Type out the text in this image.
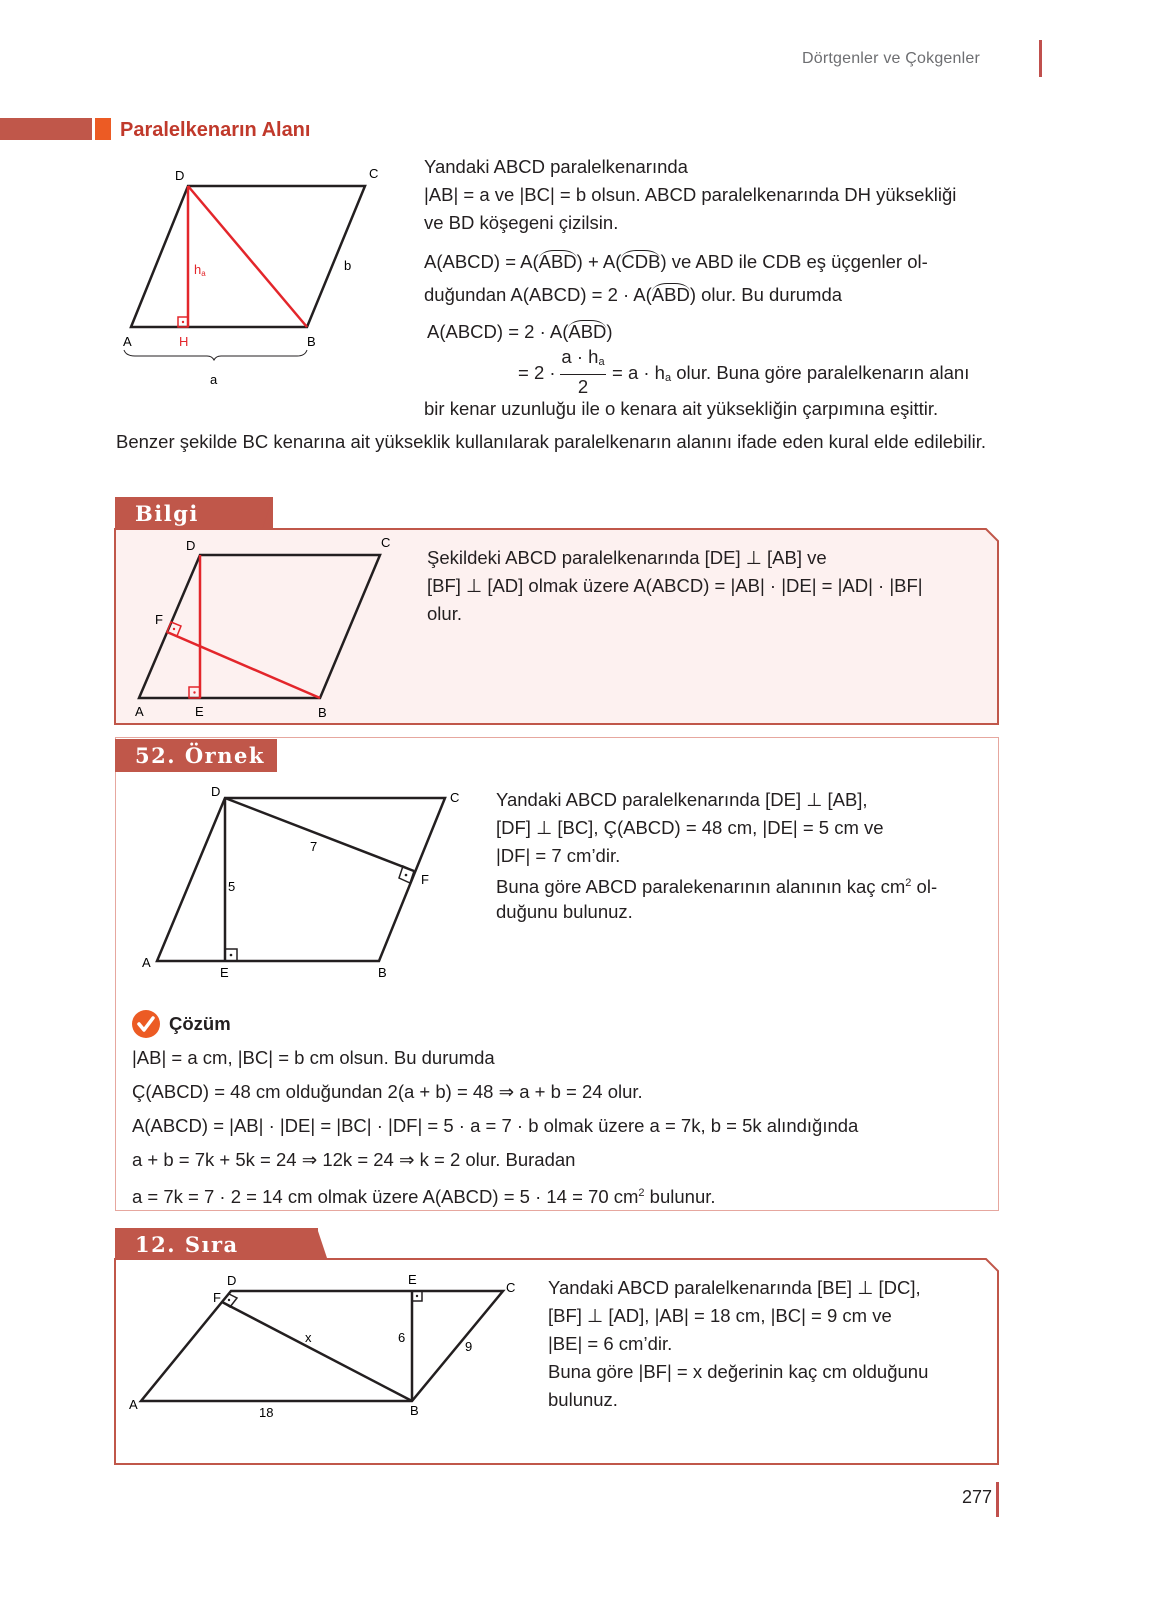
Dörtgenler ve Çokgenler
Paralelkenarın Alanı
D	C
A	H	B
ha
b
a
Yandaki ABCD paralelkenarında
|AB| = a ve |BC| = b olsun. ABCD paralelkenarında DH yüksekliği
ve BD köşegeni çizilsin.
A(ABCD) = A(ABD) + A(CDB) ve ABD ile CDB eş üçgenler ol-
duğundan A(ABCD) = 2 · A(ABD) olur. Bu durumda
A(ABCD) = 2 · A(ABD)
= $2 \cdot \frac{a \cdot ha}{2} = a$ · ha olur. Buna göre paralelkenarın alanı
bir kenar uzunluğu ile o kenara ait yüksekliğin çarpımına eşittir.
Benzer şekilde BC kenarına ait yükseklik kullanılarak paralelkenarın alanını ifade eden kural elde edilebilir.
Bilgi
D	C
F
A	E	B
Şekildeki ABCD paralelkenarında [DE] ⊥ [AB] ve
[BF] ⊥ [AD] olmak üzere A(ABCD) = |AB| · |DE| = |AD| · |BF|
olur.
52. Örnek
D	C
F
A
E	B
7
5
Yandaki ABCD paralelkenarında [DE] ⊥ [AB],
[DF] ⊥ [BC], Ç(ABCD) = 48 cm, |DE| = 5 cm ve
|DF| = 7 cm’dir.
Buna göre ABCD paralekenarının alanının kaç $cm^2$ ol-
duğunu bulunuz.
Çözüm
|AB| = a cm, |BC| = b cm olsun. Bu durumda
Ç(ABCD) = 48 cm olduğundan 2(a + b) = 48 ⇒ a + b = 24 olur.
A(ABCD) = |AB| · |DE| = |BC| · |DF| = 5 · a = 7 · b olmak üzere a = 7k, b = 5k alındığında
a + b = 7k + 5k = 24 ⇒ 12k = 24 ⇒ k = 2 olur. Buradan
a = 7k = 7 · 2 = 14 cm olmak üzere A(ABCD) = 5 · 14 = 70 $cm^2$ bulunur.
12. Sıra
D	E
C
F
A	B
x	6
9
18
Yandaki ABCD paralelkenarında [BE] ⊥ [DC],
[BF] ⊥ [AD], |AB| = 18 cm, |BC| = 9 cm ve
|BE| = 6 cm’dir.
Buna göre |BF| = x değerinin kaç cm olduğunu
bulunuz.
277
